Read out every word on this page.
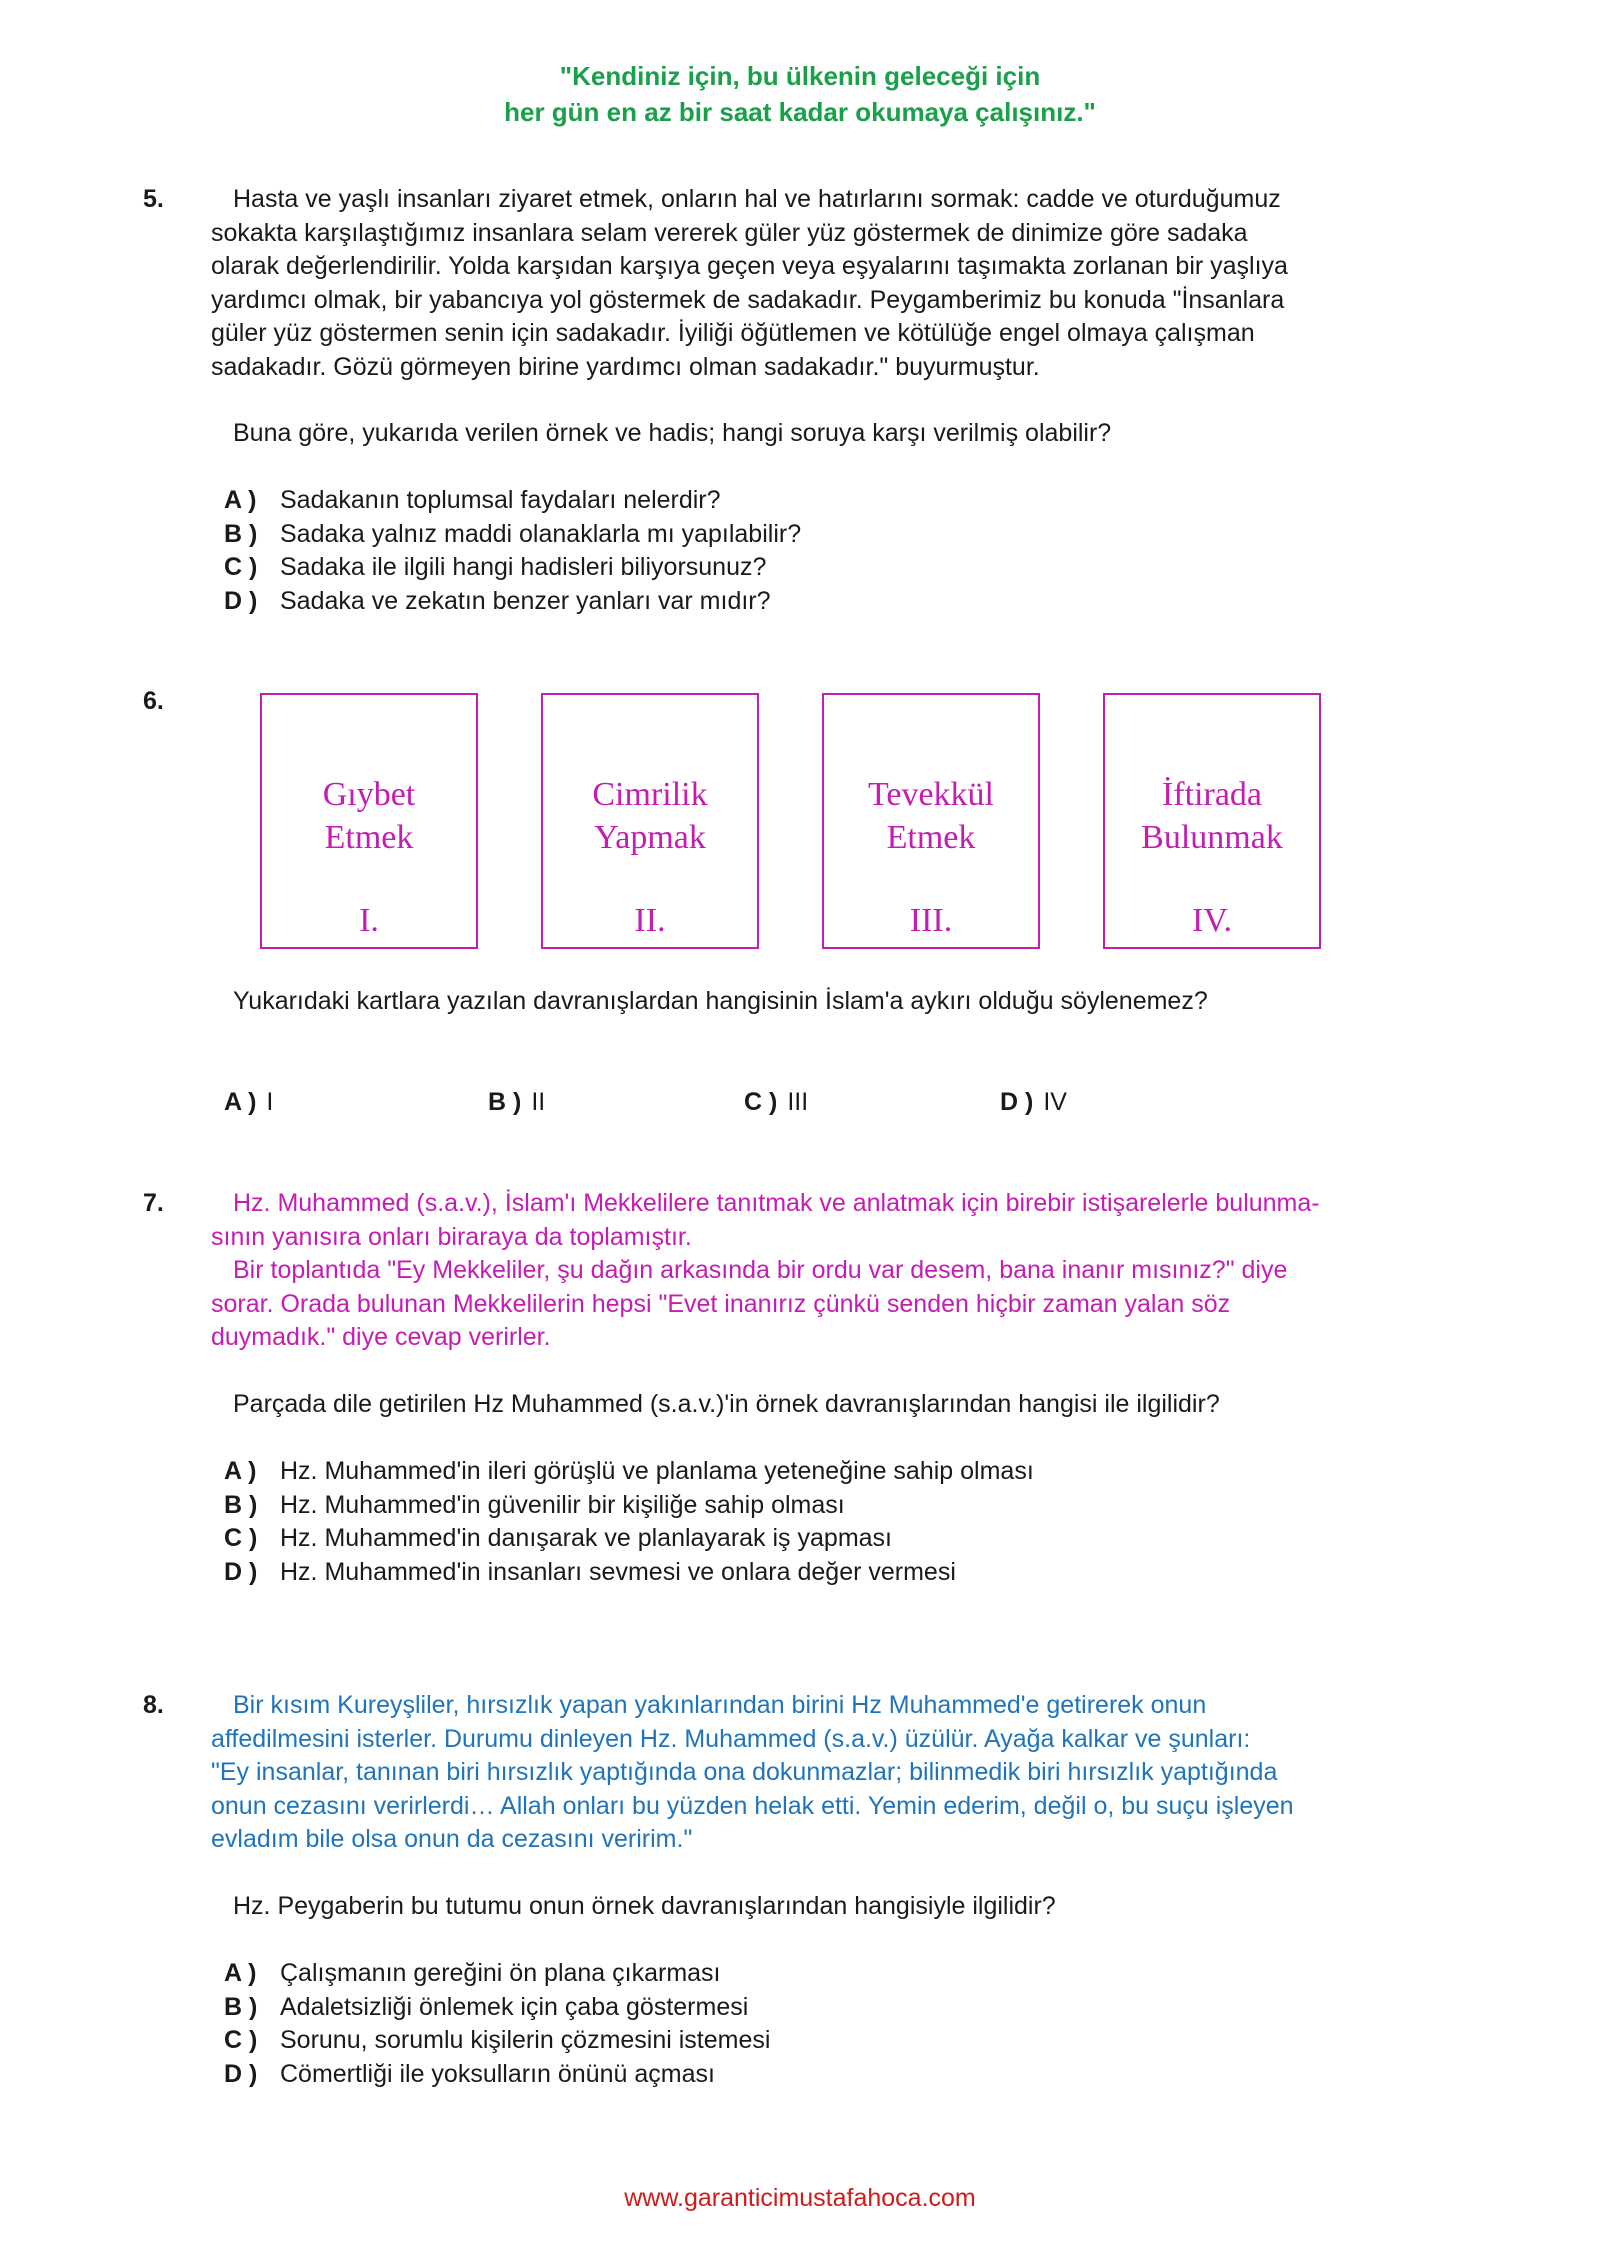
"Kendiniz için, bu ülkenin geleceği için
her gün en az bir saat kadar okumaya çalışınız."
5.	Hasta ve yaşlı insanları ziyaret etmek, onların hal ve hatırlarını sormak: cadde ve oturduğumuz

sokakta karşılaştığımız insanlara selam vererek güler yüz göstermek de dinimize göre sadaka

olarak değerlendirilir. Yolda karşıdan karşıya geçen veya eşyalarını taşımakta zorlanan bir yaşlıya

yardımcı olmak, bir yabancıya yol göstermek de sadakadır. Peygamberimiz bu konuda "İnsanlara

güler yüz göstermen senin için sadakadır. İyiliği öğütlemen ve kötülüğe engel olmaya çalışman

sadakadır. Gözü görmeyen birine yardımcı olman sadakadır." buyurmuştur.

Buna göre, yukarıda verilen örnek ve hadis; hangi soruya karşı verilmiş olabilir?
A ) Sadakanın toplumsal faydaları nelerdir?
B ) Sadaka yalnız maddi olanaklarla mı yapılabilir?
C ) Sadaka ile ilgili hangi hadisleri biliyorsunuz?
D ) Sadaka ve zekatın benzer yanları var mıdır?
6.
Gıybet
Etmek
I.
Cimrilik
Yapmak
II.
Tevekkül
Etmek
III.
İftirada
Bulunmak
IV.
Yukarıdaki kartlara yazılan davranışlardan hangisinin İslam'a aykırı olduğu söylenemez?
A ) I	B ) II	C ) III	D ) IV
7.	Hz. Muhammed (s.a.v.), İslam'ı Mekkelilere tanıtmak ve anlatmak için birebir istişarelerle bulunma-

sının yanısıra onları biraraya da toplamıştır.

Bir toplantıda "Ey Mekkeliler, şu dağın arkasında bir ordu var desem, bana inanır mısınız?" diye

sorar. Orada bulunan Mekkelilerin hepsi "Evet inanırız çünkü senden hiçbir zaman yalan söz

duymadık." diye cevap verirler.

Parçada dile getirilen Hz Muhammed (s.a.v.)'in örnek davranışlarından hangisi ile ilgilidir?
A ) Hz. Muhammed'in ileri görüşlü ve planlama yeteneğine sahip olması
B ) Hz. Muhammed'in güvenilir bir kişiliğe sahip olması
C ) Hz. Muhammed'in danışarak ve planlayarak iş yapması
D ) Hz. Muhammed'in insanları sevmesi ve onlara değer vermesi
8.	Bir kısım Kureyşliler, hırsızlık yapan yakınlarından birini Hz Muhammed'e getirerek onun

affedilmesini isterler. Durumu dinleyen Hz. Muhammed (s.a.v.) üzülür. Ayağa kalkar ve şunları:

"Ey insanlar, tanınan biri hırsızlık yaptığında ona dokunmazlar; bilinmedik biri hırsızlık yaptığında

onun cezasını verirlerdi… Allah onları bu yüzden helak etti. Yemin ederim, değil o, bu suçu işleyen

evladım bile olsa onun da cezasını veririm."

Hz. Peygaberin bu tutumu onun örnek davranışlarından hangisiyle ilgilidir?
A ) Çalışmanın gereğini ön plana çıkarması
B ) Adaletsizliği önlemek için çaba göstermesi
C ) Sorunu, sorumlu kişilerin çözmesini istemesi
D ) Cömertliği ile yoksulların önünü açması
www.garanticimustafahoca.com
